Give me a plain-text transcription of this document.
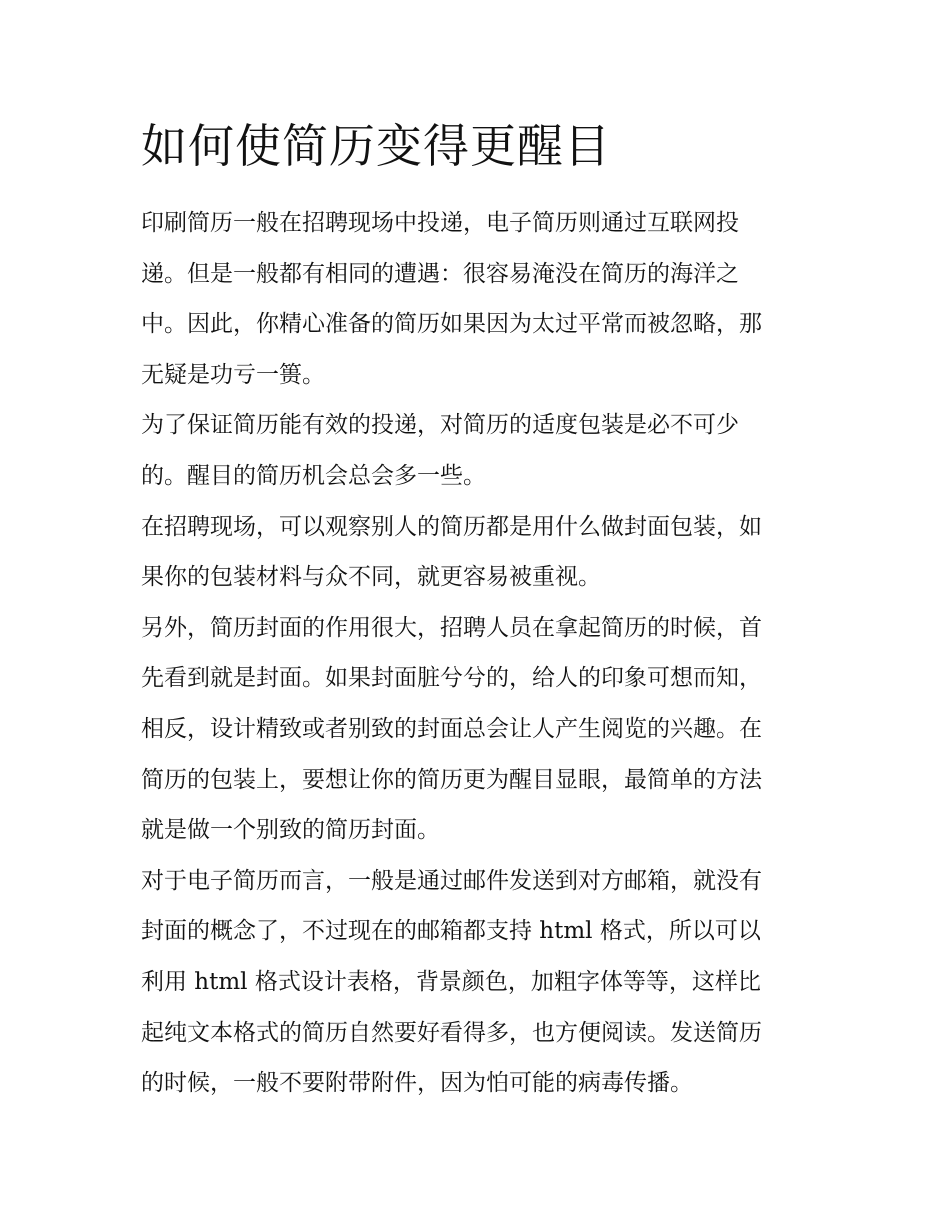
如何使简历变得更醒目
印刷简历一般在招聘现场中投递，电子简历则通过互联网投
递。但是一般都有相同的遭遇：很容易淹没在简历的海洋之
中。因此，你精心准备的简历如果因为太过平常而被忽略，那
无疑是功亏一篑。
为了保证简历能有效的投递，对简历的适度包装是必不可少
的。醒目的简历机会总会多一些。
在招聘现场，可以观察别人的简历都是用什么做封面包装，如
果你的包装材料与众不同，就更容易被重视。
另外，简历封面的作用很大，招聘人员在拿起简历的时候，首
先看到就是封面。如果封面脏兮兮的，给人的印象可想而知，
相反，设计精致或者别致的封面总会让人产生阅览的兴趣。在
简历的包装上，要想让你的简历更为醒目显眼，最简单的方法
就是做一个别致的简历封面。
对于电子简历而言，一般是通过邮件发送到对方邮箱，就没有
封面的概念了，不过现在的邮箱都支持 html 格式，所以可以
利用 html 格式设计表格，背景颜色，加粗字体等等，这样比
起纯文本格式的简历自然要好看得多，也方便阅读。发送简历
的时候，一般不要附带附件，因为怕可能的病毒传播。
